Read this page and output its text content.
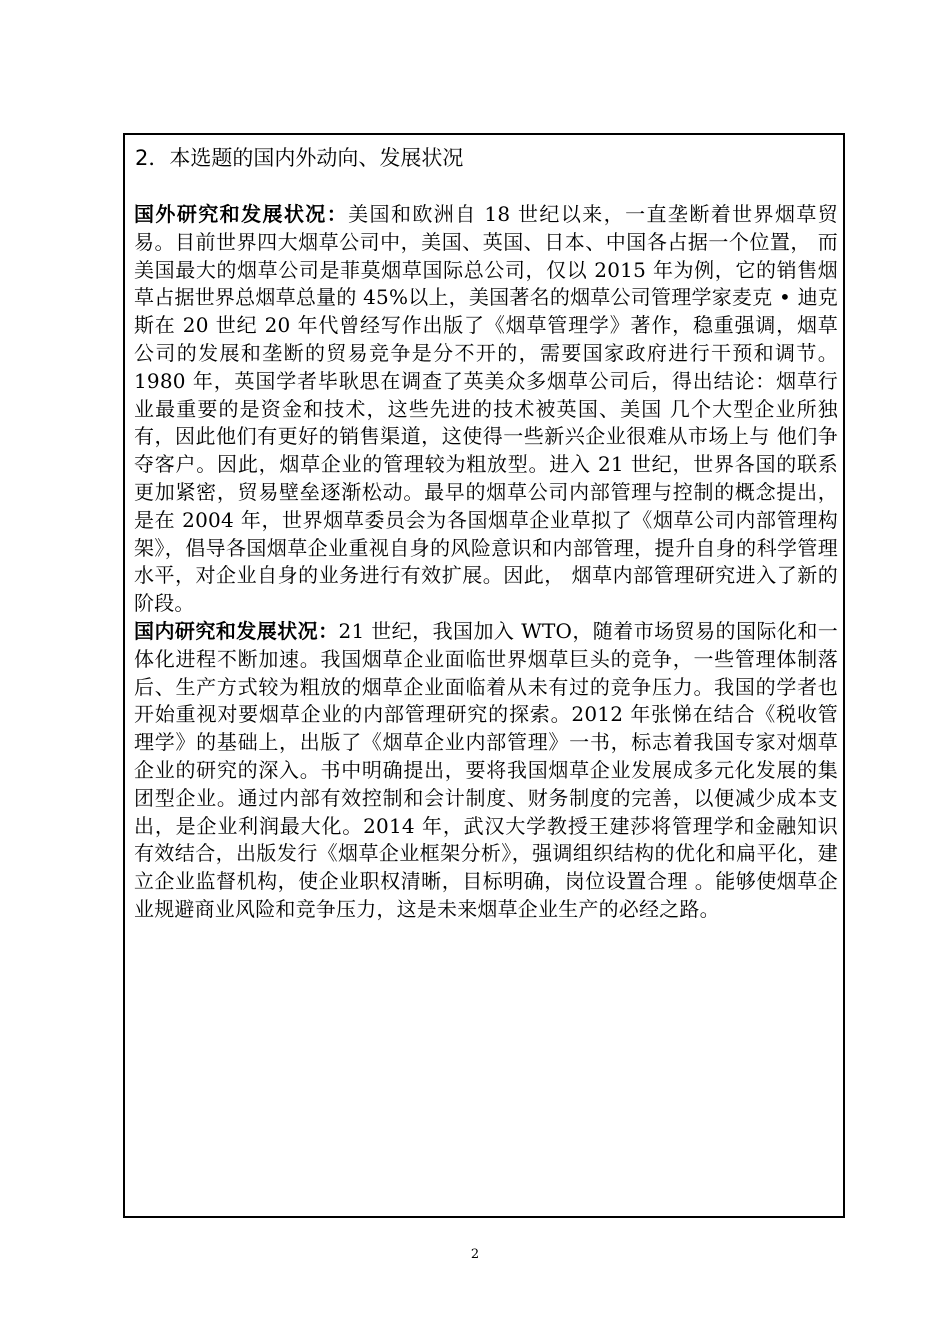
2．本选题的国内外动向、发展状况

国外研究和发展状况：美国和欧洲自 18 世纪以来，一直垄断着世界烟草贸易。目前世界四大烟草公司中，美国、英国、日本、中国各占据一个位置， 而美国最大的烟草公司是菲莫烟草国际总公司，仅以 2015 年为例，它的销售烟草占据世界总烟草总量的 45%以上，美国著名的烟草公司管理学家麦克 • 迪克斯在 20 世纪 20 年代曾经写作出版了《烟草管理学》著作，稳重强调，烟草公司的发展和垄断的贸易竞争是分不开的，需要国家政府进行干预和调节。1980 年，英国学者毕耿思在调查了英美众多烟草公司后，得出结论：烟草行业最重要的是资金和技术，这些先进的技术被英国、美国 几个大型企业所独有，因此他们有更好的销售渠道，这使得一些新兴企业很难从市场上与 他们争夺客户。因此，烟草企业的管理较为粗放型。进入 21 世纪，世界各国的联系更加紧密，贸易壁垒逐渐松动。最早的烟草公司内部管理与控制的概念提出，是在 2004 年，世界烟草委员会为各国烟草企业草拟了《烟草公司内部管理构架》，倡导各国烟草企业重视自身的风险意识和内部管理，提升自身的科学管理水平，对企业自身的业务进行有效扩展。因此， 烟草内部管理研究进入了新的阶段。

国内研究和发展状况：21 世纪，我国加入 WTO，随着市场贸易的国际化和一体化进程不断加速。我国烟草企业面临世界烟草巨头的竞争，一些管理体制落后、生产方式较为粗放的烟草企业面临着从未有过的竞争压力。我国的学者也开始重视对要烟草企业的内部管理研究的探索。2012 年张悌在结合《税收管理学》的基础上，出版了《烟草企业内部管理》一书，标志着我国专家对烟草企业的研究的深入。书中明确提出，要将我国烟草企业发展成多元化发展的集团型企业。通过内部有效控制和会计制度、财务制度的完善，以便减少成本支出，是企业利润最大化。2014 年，武汉大学教授王建莎将管理学和金融知识有效结合，出版发行《烟草企业框架分析》，强调组织结构的优化和扁平化，建立企业监督机构，使企业职权清晰，目标明确，岗位设置合理 。能够使烟草企业规避商业风险和竞争压力，这是未来烟草企业生产的必经之路。

2
